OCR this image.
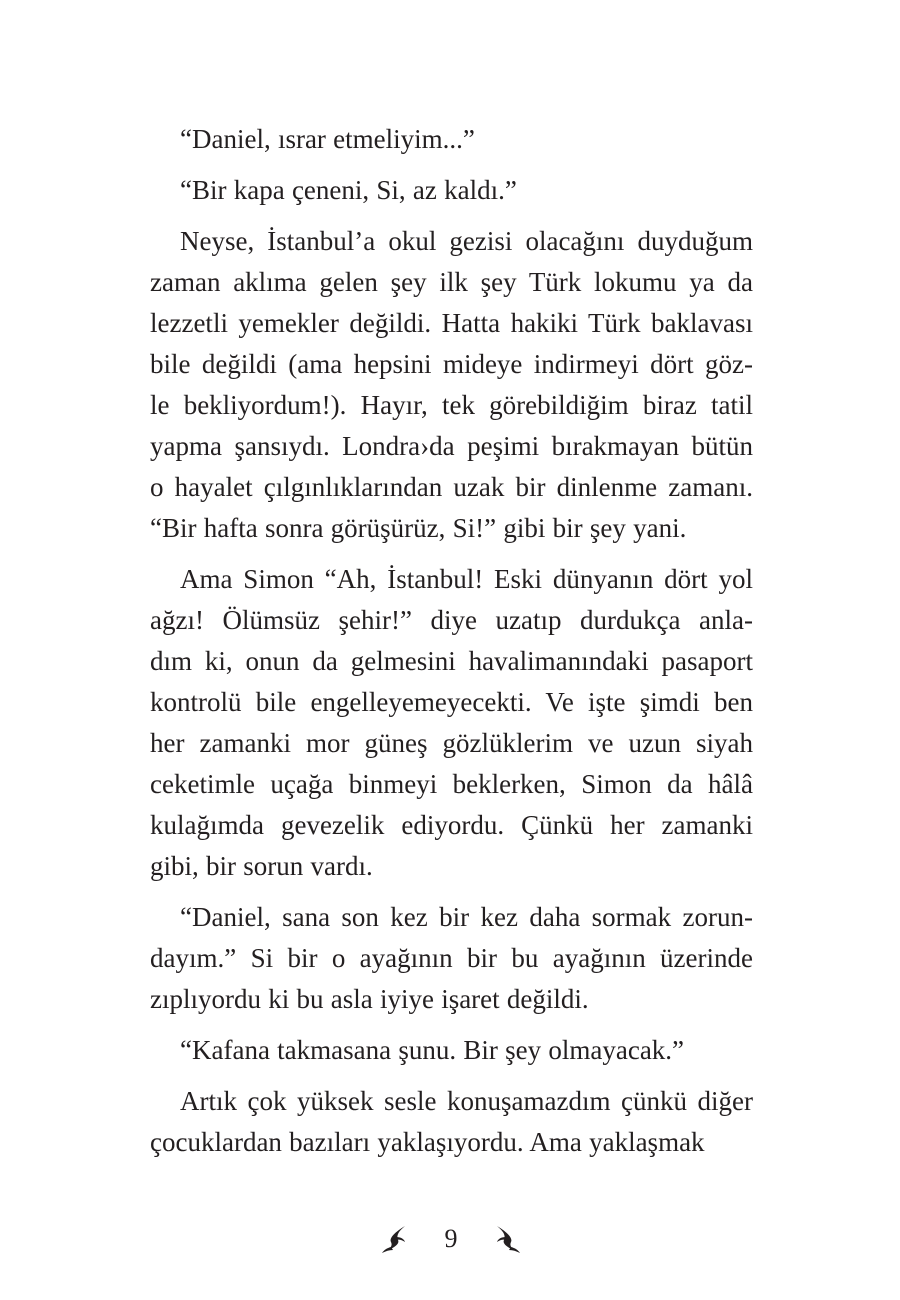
“Daniel, ısrar etmeliyim...”
“Bir kapa çeneni, Si, az kaldı.”
Neyse, İstanbul’a okul gezisi olacağını duyduğum
zaman aklıma gelen şey ilk şey Türk lokumu ya da
lezzetli yemekler değildi. Hatta hakiki Türk baklavası
bile değildi (ama hepsini mideye indirmeyi dört göz-
le bekliyordum!). Hayır, tek görebildiğim biraz tatil
yapma şansıydı. Londra›da peşimi bırakmayan bütün
o hayalet çılgınlıklarından uzak bir dinlenme zamanı.
“Bir hafta sonra görüşürüz, Si!” gibi bir şey yani.
Ama Simon “Ah, İstanbul! Eski dünyanın dört yol
ağzı! Ölümsüz şehir!” diye uzatıp durdukça anla-
dım ki, onun da gelmesini havalimanındaki pasaport
kontrolü bile engelleyemeyecekti. Ve işte şimdi ben
her zamanki mor güneş gözlüklerim ve uzun siyah
ceketimle uçağa binmeyi beklerken, Simon da hâlâ
kulağımda gevezelik ediyordu. Çünkü her zamanki
gibi, bir sorun vardı.
“Daniel, sana son kez bir kez daha sormak zorun-
dayım.” Si bir o ayağının bir bu ayağının üzerinde
zıplıyordu ki bu asla iyiye işaret değildi.
“Kafana takmasana şunu. Bir şey olmayacak.”
Artık çok yüksek sesle konuşamazdım çünkü diğer
çocuklardan bazıları yaklaşıyordu. Ama yaklaşmak
9
